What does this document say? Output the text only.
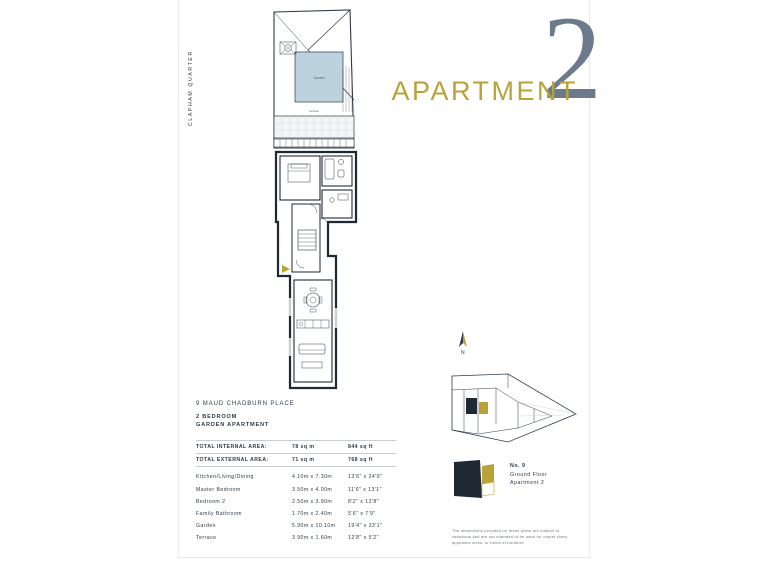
CLAPHAM QUARTER	2
APARTMENT
Garden
Terrace
9 MAUD CHADBURN PLACE
2 BEDROOM
GARDEN APARTMENT
TOTAL INTERNAL AREA:	78 sq m	844 sq ft
TOTAL EXTERNAL AREA:	71 sq m	768 sq ft

Kitchen/Living/Dining	4.10m x 7.30m	13'6" x 24'0"
Master Bedroom	3.50m x 4.00m	11'6" x 13'1"
Bedroom 2	2.50m x 3.90m	8'2" x 12'8"
Family Bathroom	1.70m x 2.40m	5'6" x 7'9"
Garden	5.90m x 10.10m	19'4" x 33'1"
Terrace	3.90m x 1.60m	12'8" x 5'2"
N
No. 9
Ground Floor
Apartment 2
The dimensions provided on these plans are subject to variations and are not intended to be used for carpet sizes, appliance sizes, or items of furniture.
